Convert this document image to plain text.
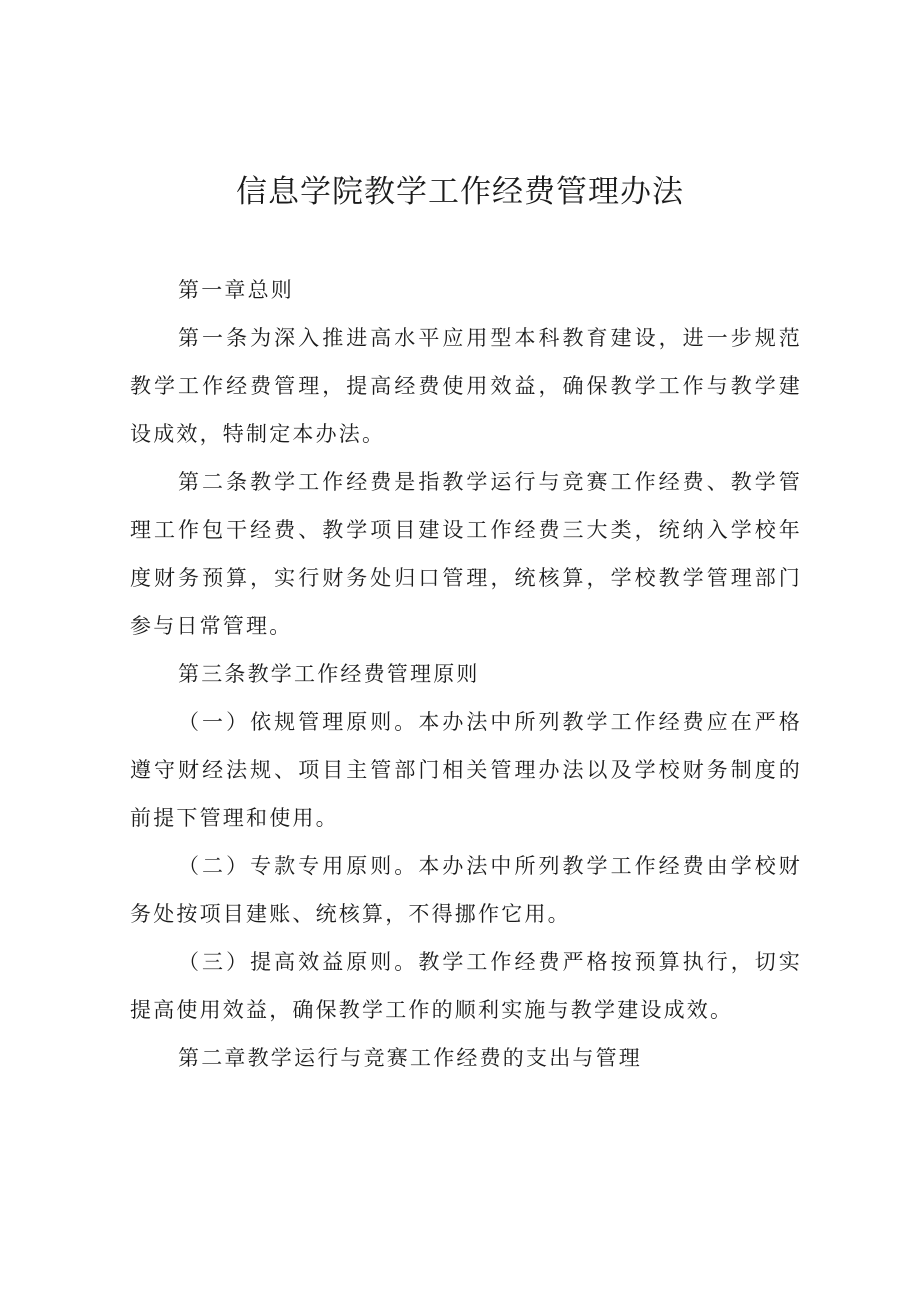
信息学院教学工作经费管理办法

第一章总则

第一条为深入推进高水平应用型本科教育建设，进一步规范教学工作经费管理，提高经费使用效益，确保教学工作与教学建设成效，特制定本办法。

第二条教学工作经费是指教学运行与竞赛工作经费、教学管理工作包干经费、教学项目建设工作经费三大类，统纳入学校年度财务预算，实行财务处归口管理，统核算，学校教学管理部门参与日常管理。

第三条教学工作经费管理原则

（一）依规管理原则。本办法中所列教学工作经费应在严格遵守财经法规、项目主管部门相关管理办法以及学校财务制度的前提下管理和使用。

（二）专款专用原则。本办法中所列教学工作经费由学校财务处按项目建账、统核算，不得挪作它用。

（三）提高效益原则。教学工作经费严格按预算执行，切实提高使用效益，确保教学工作的顺利实施与教学建设成效。

第二章教学运行与竞赛工作经费的支出与管理
